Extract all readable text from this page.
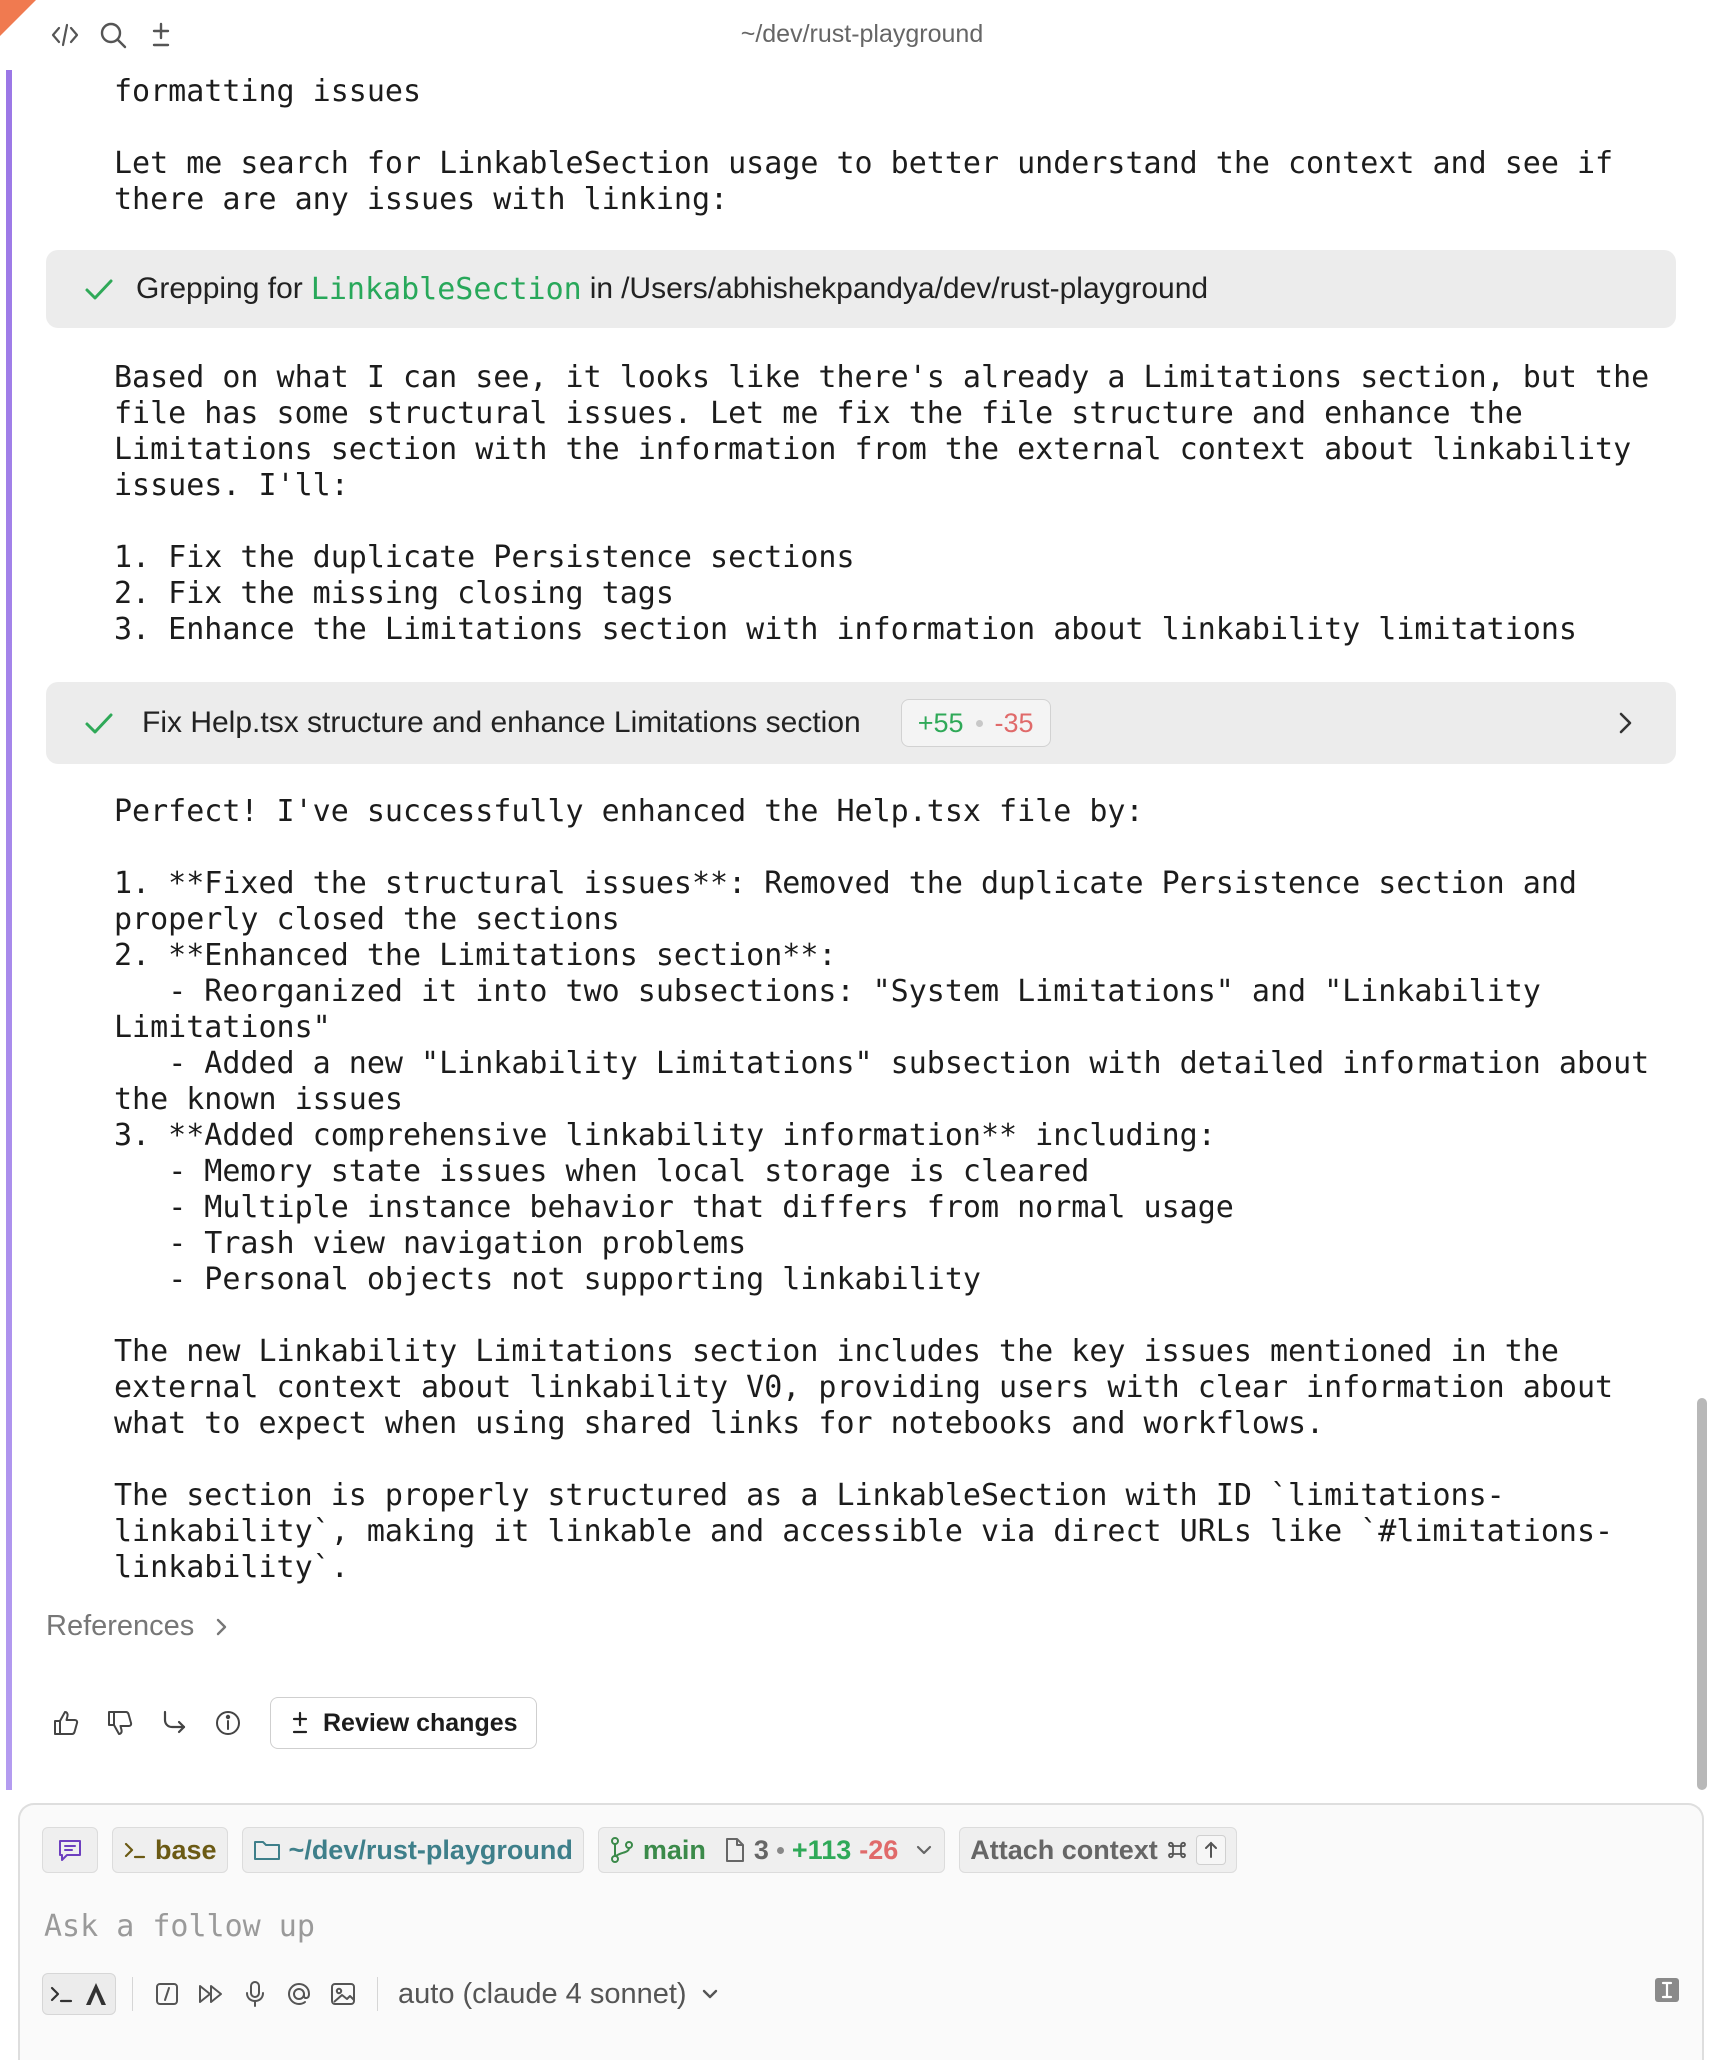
~/dev/rust-playground

formatting issues

Let me search for LinkableSection usage to better understand the context and see if
there are any issues with linking:

Grepping for LinkableSection in /Users/abhishekpandya/dev/rust-playground

Based on what I can see, it looks like there's already a Limitations section, but the
file has some structural issues. Let me fix the file structure and enhance the
Limitations section with the information from the external context about linkability
issues. I'll:

1. Fix the duplicate Persistence sections
2. Fix the missing closing tags
3. Enhance the Limitations section with information about linkability limitations

Fix Help.tsx structure and enhance Limitations section +55 -35

Perfect! I've successfully enhanced the Help.tsx file by:

1. **Fixed the structural issues**: Removed the duplicate Persistence section and
properly closed the sections
2. **Enhanced the Limitations section**:
- Reorganized it into two subsections: "System Limitations" and "Linkability
Limitations"
- Added a new "Linkability Limitations" subsection with detailed information about
the known issues
3. **Added comprehensive linkability information** including:
- Memory state issues when local storage is cleared
- Multiple instance behavior that differs from normal usage
- Trash view navigation problems
- Personal objects not supporting linkability

The new Linkability Limitations section includes the key issues mentioned in the
external context about linkability V0, providing users with clear information about
what to expect when using shared links for notebooks and workflows.

The section is properly structured as a LinkableSection with ID `limitations-
linkability`, making it linkable and accessible via direct URLs like `#limitations-
linkability`.

References
Review changes
base	~/dev/rust-playground	main 3 +113 -26	Attach context
Ask a follow up
auto (claude 4 sonnet)
